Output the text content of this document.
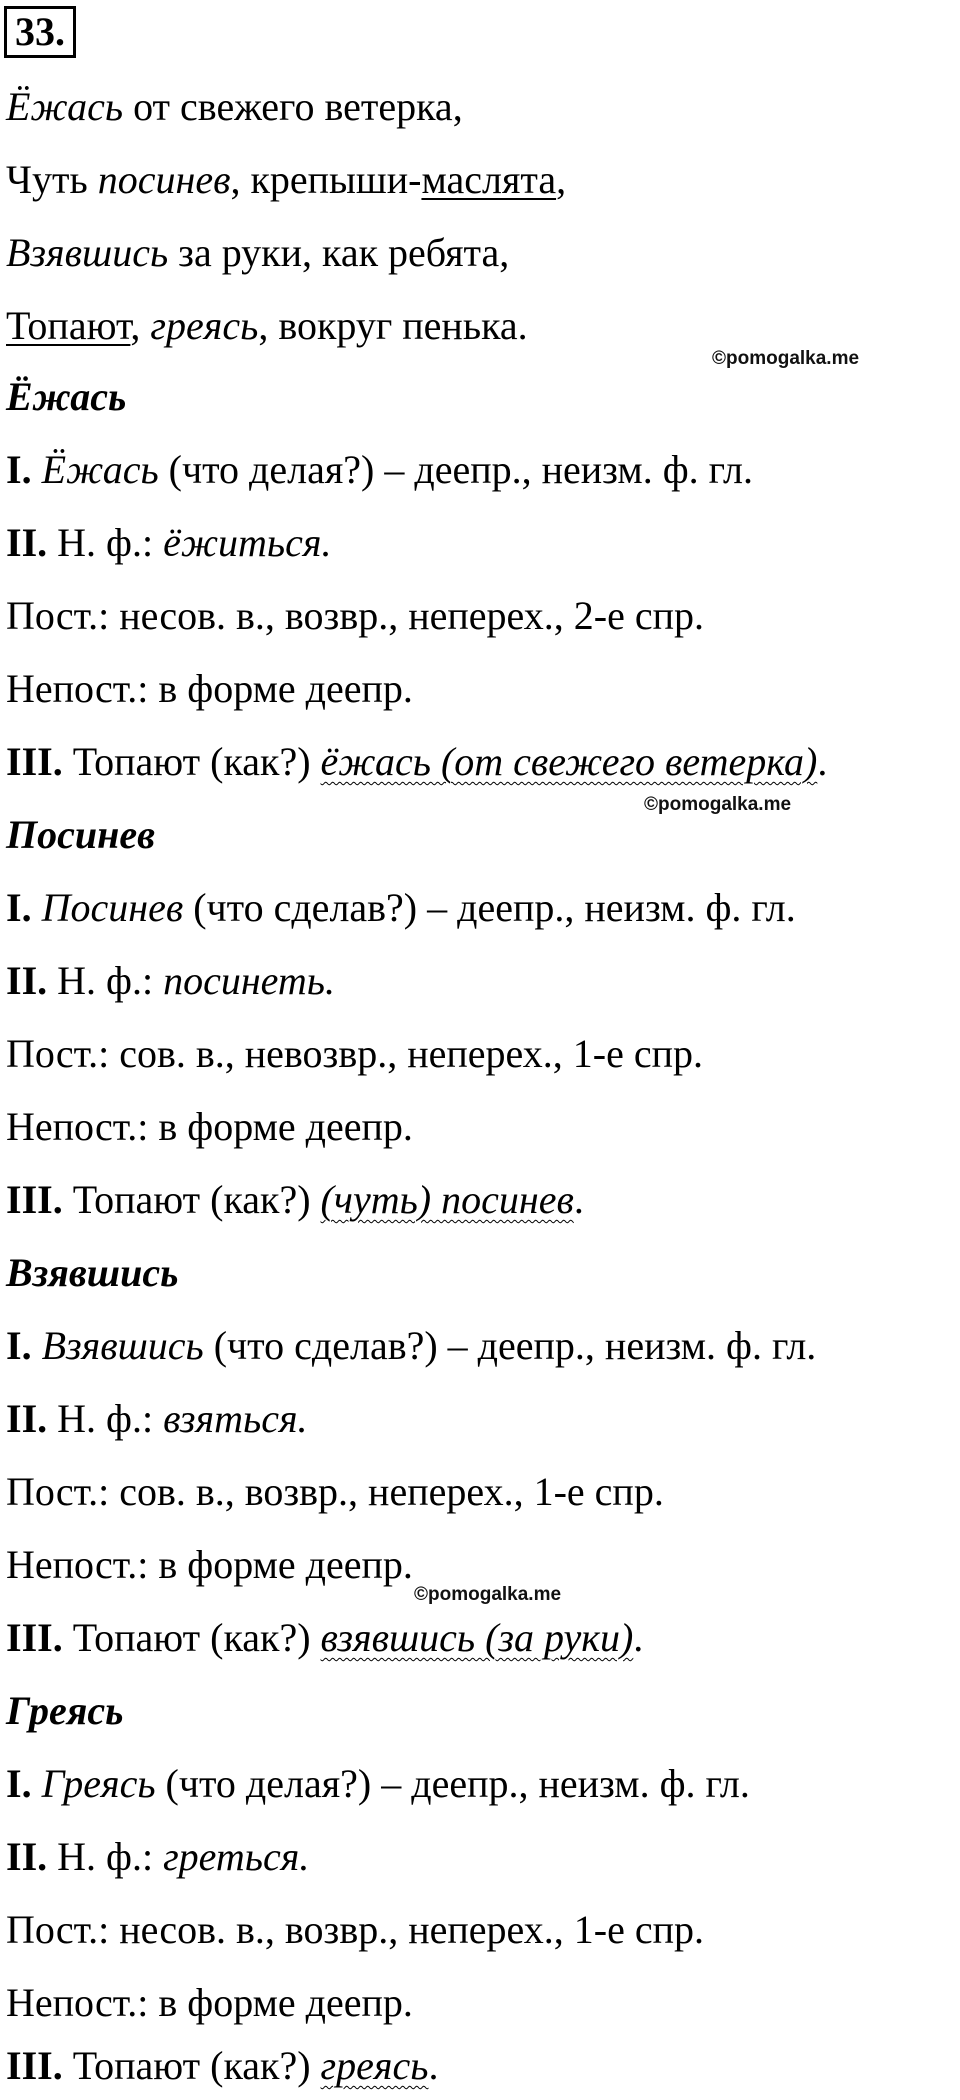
33.
Ёжась от свежего ветерка,
Чуть посинев, крепыши-маслята,
Взявшись за руки, как ребята,
Топают, греясь, вокруг пенька.
©pomogalka.me
Ёжась
I. Ёжась (что делая?) – деепр., неизм. ф. гл.
II. Н. ф.: ёжиться.
Пост.: несов. в., возвр., неперех., 2-е спр.
Непост.: в форме деепр.
III. Топают (как?) ёжась (от свежего ветерка).
©pomogalka.me
Посинев
I. Посинев (что сделав?) – деепр., неизм. ф. гл.
II. Н. ф.: посинеть.
Пост.: сов. в., невозвр., неперех., 1-е спр.
Непост.: в форме деепр.
III. Топают (как?) (чуть) посинев.
Взявшись
I. Взявшись (что сделав?) – деепр., неизм. ф. гл.
II. Н. ф.: взяться.
Пост.: сов. в., возвр., неперех., 1-е спр.
Непост.: в форме деепр.
©pomogalka.me
III. Топают (как?) взявшись (за руки).
Греясь
I. Греясь (что делая?) – деепр., неизм. ф. гл.
II. Н. ф.: греться.
Пост.: несов. в., возвр., неперех., 1-е спр.
Непост.: в форме деепр.
III. Топают (как?) греясь.
